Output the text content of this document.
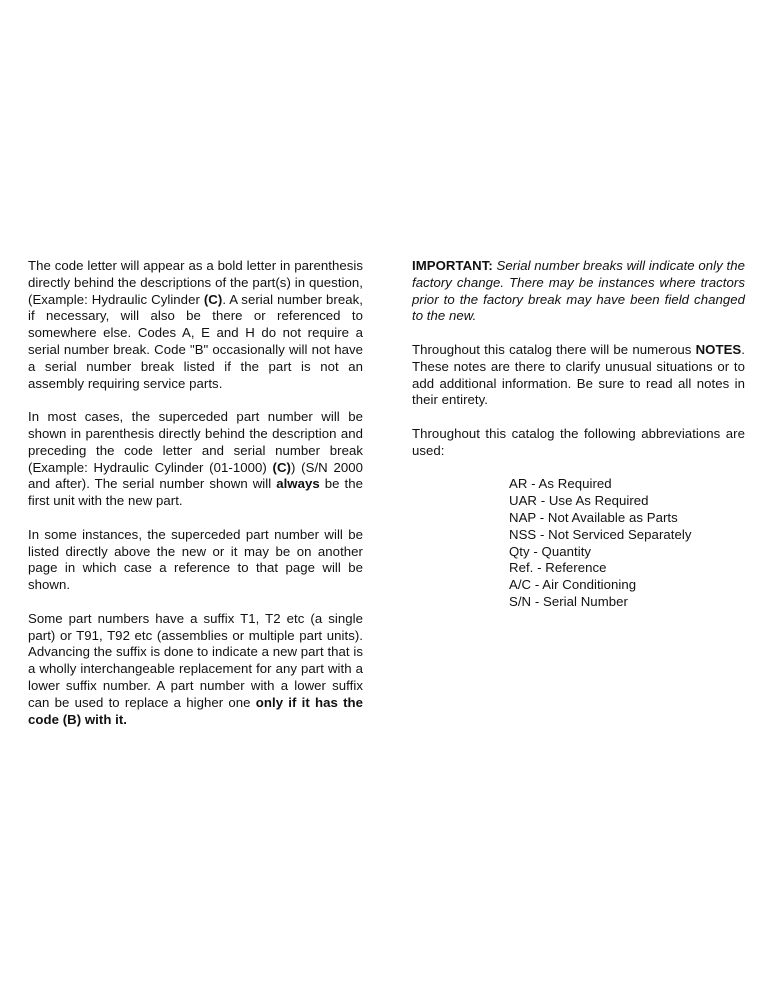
The code letter will appear as a bold letter in parenthesis directly behind the descriptions of the part(s) in question, (Example: Hydraulic Cylinder (C). A serial number break, if necessary, will also be there or referenced to somewhere else. Codes A, E and H do not require a serial number break. Code "B" occasionally will not have a serial number break listed if the part is not an assembly requiring service parts.

In most cases, the superceded part number will be shown in parenthesis directly behind the description and preceding the code letter and serial number break (Example: Hydraulic Cylinder (01-1000) (C)) (S/N 2000 and after). The serial number shown will always be the first unit with the new part.

In some instances, the superceded part number will be listed directly above the new or it may be on another page in which case a reference to that page will be shown.

Some part numbers have a suffix T1, T2 etc (a single part) or T91, T92 etc (assemblies or multiple part units). Advancing the suffix is done to indicate a new part that is a wholly interchangeable replacement for any part with a lower suffix number. A part number with a lower suffix can be used to replace a higher one only if it has the code (B) with it.

IMPORTANT: Serial number breaks will indicate only the factory change. There may be instances where tractors prior to the factory break may have been field changed to the new.

Throughout this catalog there will be numerous NOTES. These notes are there to clarify unusual situations or to add additional information. Be sure to read all notes in their entirety.

Throughout this catalog the following abbreviations are used:

AR - As Required
UAR - Use As Required
NAP - Not Available as Parts
NSS - Not Serviced Separately
Qty - Quantity
Ref. - Reference
A/C - Air Conditioning
S/N - Serial Number
